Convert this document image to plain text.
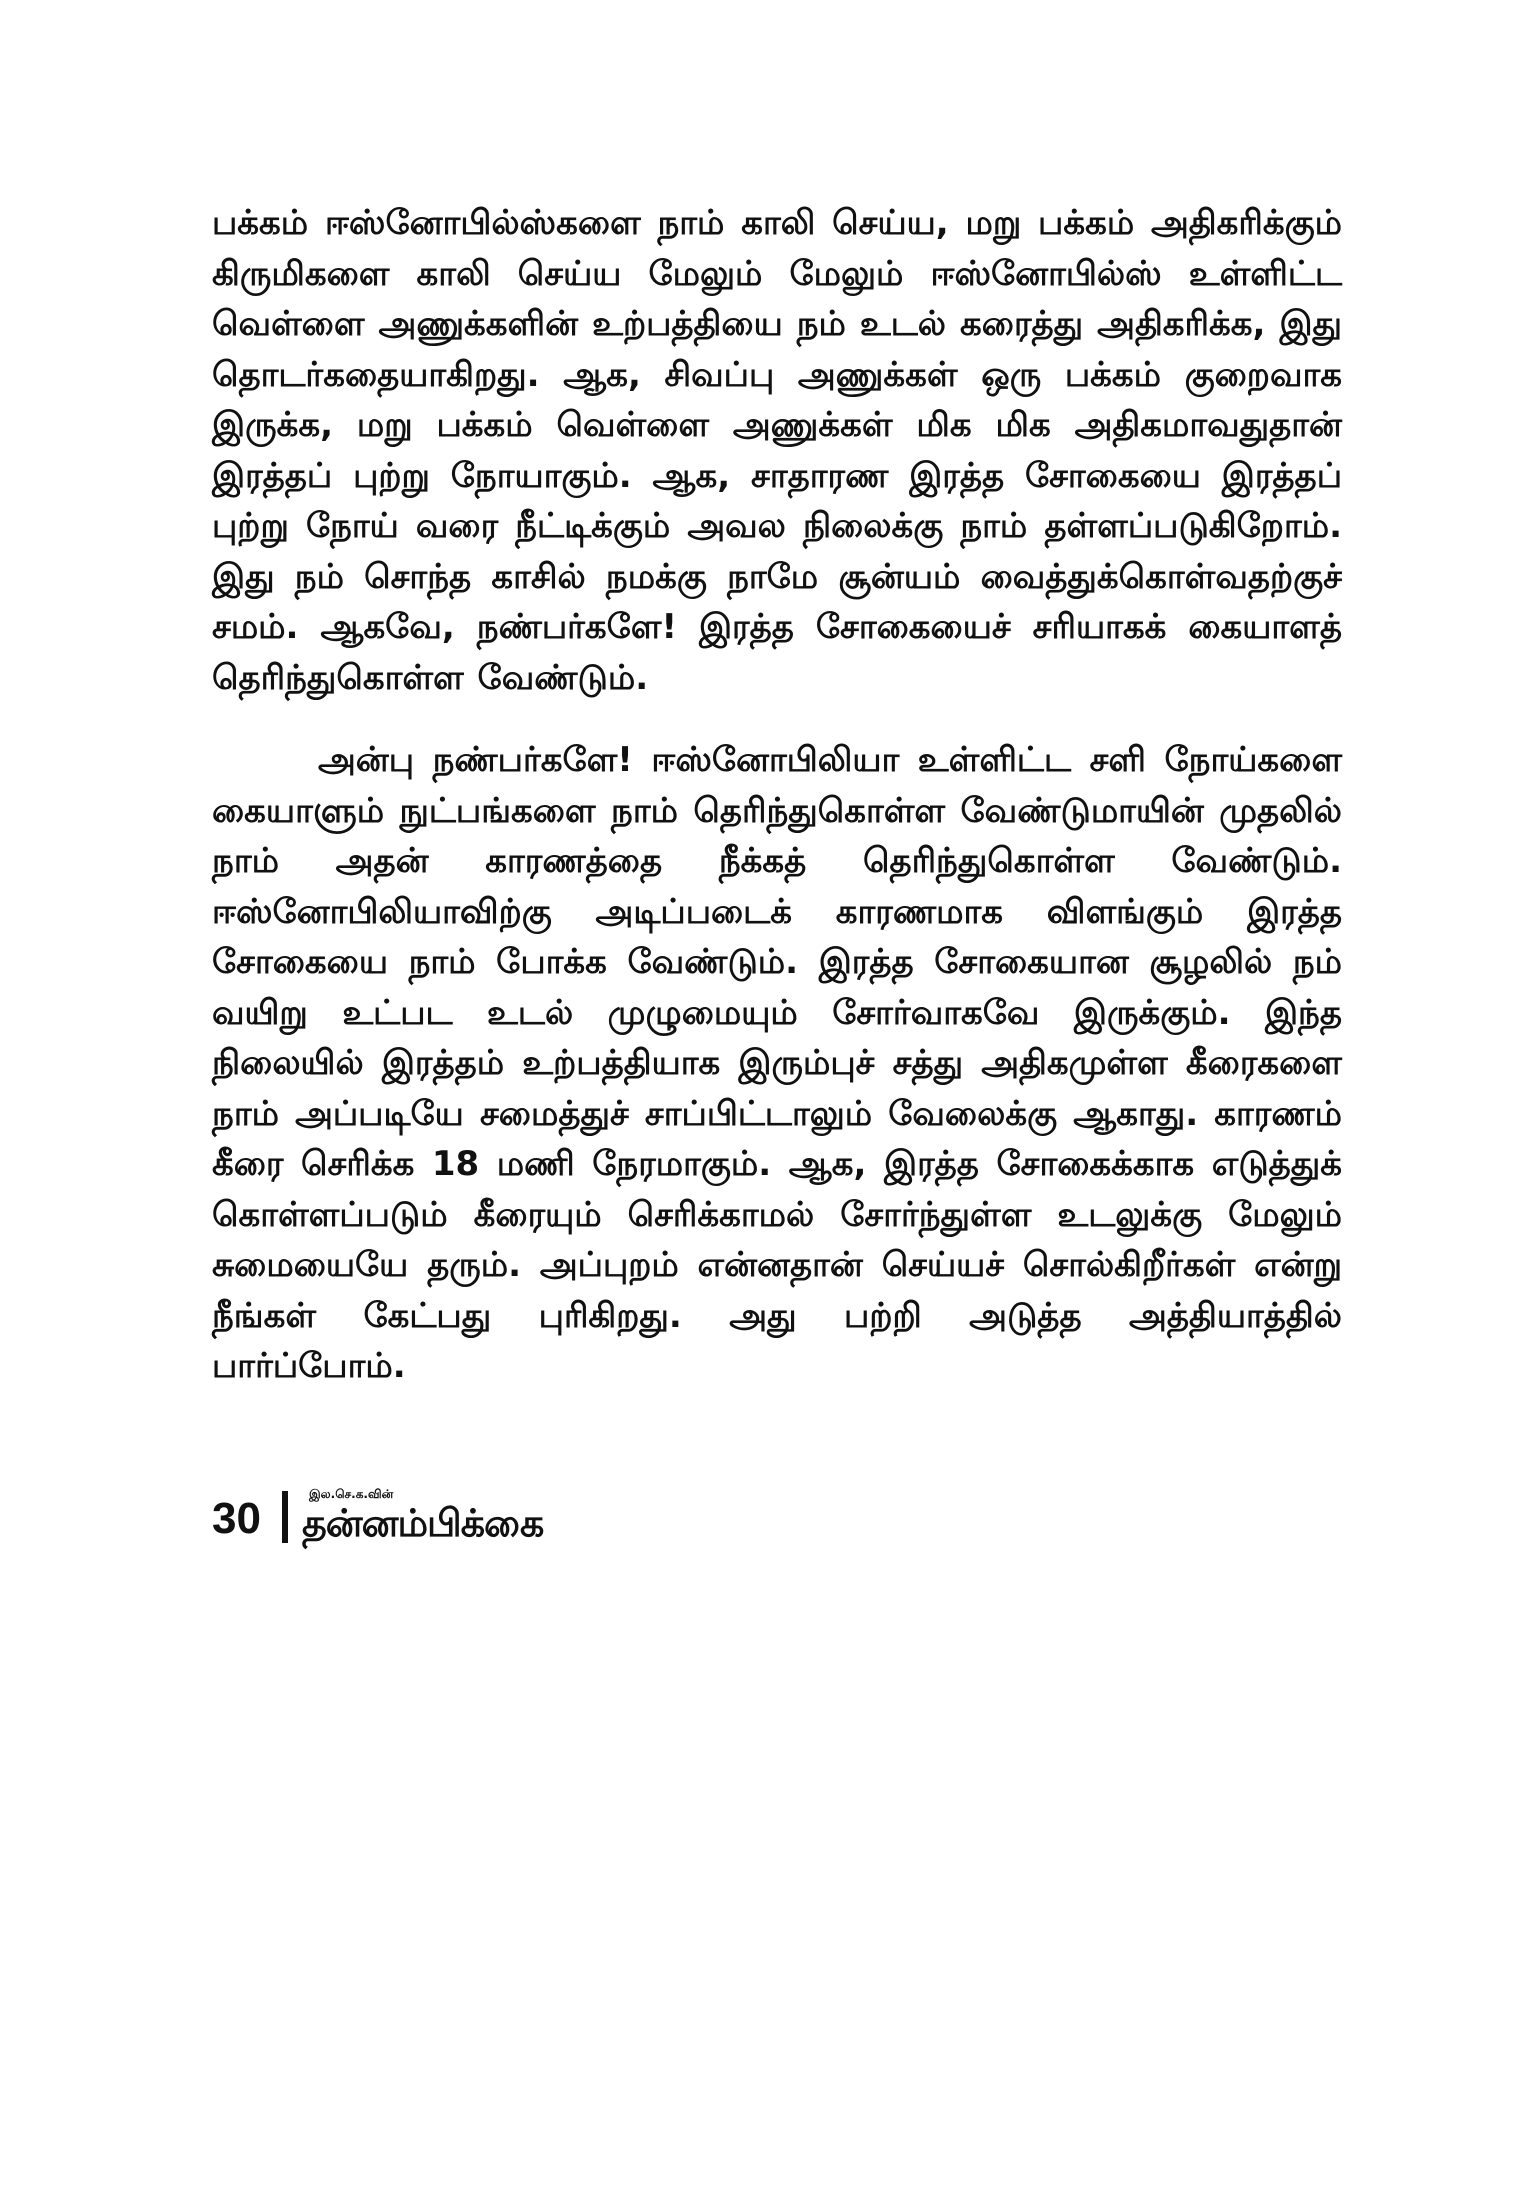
பக்கம் ஈஸ்னோபில்ஸ்களை நாம் காலி செய்ய, மறு பக்கம் அதிகரிக்கும் கிருமிகளை காலி செய்ய மேலும் மேலும் ஈஸ்னோபில்ஸ் உள்ளிட்ட வெள்ளை அணுக்களின் உற்பத்தியை நம் உடல் கரைத்து அதிகரிக்க, இது தொடர்கதையாகிறது. ஆக, சிவப்பு அணுக்கள் ஒரு பக்கம் குறைவாக இருக்க, மறு பக்கம் வெள்ளை அணுக்கள் மிக மிக அதிகமாவதுதான் இரத்தப் புற்று நோயாகும். ஆக, சாதாரண இரத்த சோகையை இரத்தப் புற்று நோய் வரை நீட்டிக்கும் அவல நிலைக்கு நாம் தள்ளப்படுகிறோம். இது நம் சொந்த காசில் நமக்கு நாமே சூன்யம் வைத்துக்கொள்வதற்குச் சமம். ஆகவே, நண்பர்களே! இரத்த சோகையைச் சரியாகக் கையாளத் தெரிந்துகொள்ள வேண்டும்.

அன்பு நண்பர்களே! ஈஸ்னோபிலியா உள்ளிட்ட சளி நோய்களை கையாளும் நுட்பங்களை நாம் தெரிந்துகொள்ள வேண்டுமாயின் முதலில் நாம் அதன் காரணத்தை நீக்கத் தெரிந்துகொள்ள வேண்டும். ஈஸ்னோபிலியாவிற்கு அடிப்படைக் காரணமாக விளங்கும் இரத்த சோகையை நாம் போக்க வேண்டும். இரத்த சோகையான சூழலில் நம் வயிறு உட்பட உடல் முழுமையும் சோர்வாகவே இருக்கும். இந்த நிலையில் இரத்தம் உற்பத்தியாக இரும்புச் சத்து அதிகமுள்ள கீரைகளை நாம் அப்படியே சமைத்துச் சாப்பிட்டாலும் வேலைக்கு ஆகாது. காரணம் கீரை செரிக்க 18 மணி நேரமாகும். ஆக, இரத்த சோகைக்காக எடுத்துக் கொள்ளப்படும் கீரையும் செரிக்காமல் சோர்ந்துள்ள உடலுக்கு மேலும் சுமையையே தரும். அப்புறம் என்னதான் செய்யச் சொல்கிறீர்கள் என்று நீங்கள் கேட்பது புரிகிறது. அது பற்றி அடுத்த அத்தியாத்தில் பார்ப்போம்.

30	இல.செ.க.வின்
தன்னம்பிக்கை
